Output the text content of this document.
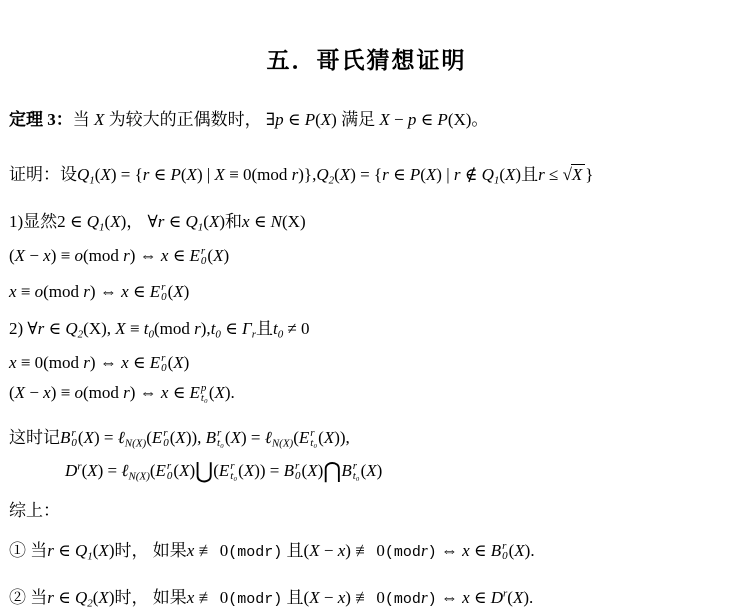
五．哥氏猜想证明

定理 3：当 X 为较大的正偶数时， ∃p ∈ P(X) 满足 X − p ∈ P(X)。

证明：设$Q_1(X) = \{r$ ∈ P(X) | X ≡ 0(mod $r)\},Q_2(X) = \{r$ ∈ P(X) | r ∉ $Q_1(X)$且r ≤ √X }

1)显然2 ∈ $Q_1(X)$， ∀r ∈ $Q_1(X)$和x ∈ N(X)

(X − x) ≡ o(mod r) ⇔ x ∈ E r
0 (X)

x ≡ o(mod r) ⇔ x ∈ E r
0 (X)

2) ∀r ∈ $Q_2(X)$, $X \equiv t_0(mod$ $r),t_0$ ∈ $\Gamma_r$且$t_0 \ne 0$

x ≡ 0(mod r) ⇔ x ∈ E r
0 (X)

(X − x) ≡ o(mod r) ⇔ x ∈ E p
t₀ (X).

这时记B r
0 (X) = ℓ$_{N(X)}$(E r
0 (X)), B r
t₀ (X) = ℓ$_{N(X)}$(E r
t₀ (X)),

$D^r(X)$ = ℓ$_{N(X)}$(E r
0 (X)⋃(E r
t₀ (X)) = B r
0 (X)⋂B r
t₀ (X)

综上：

① 当r ∈ $Q_1(X)$时， 如果x ≢ 0(modr) 且(X − x) ≢ 0(modr) ⇔ x ∈ B r
0 (X).

② 当r ∈ $Q_2(X)$时， 如果x ≢ 0(modr) 且(X − x) ≢ 0(modr) ⇔ x ∈ $D^r(X)$.
